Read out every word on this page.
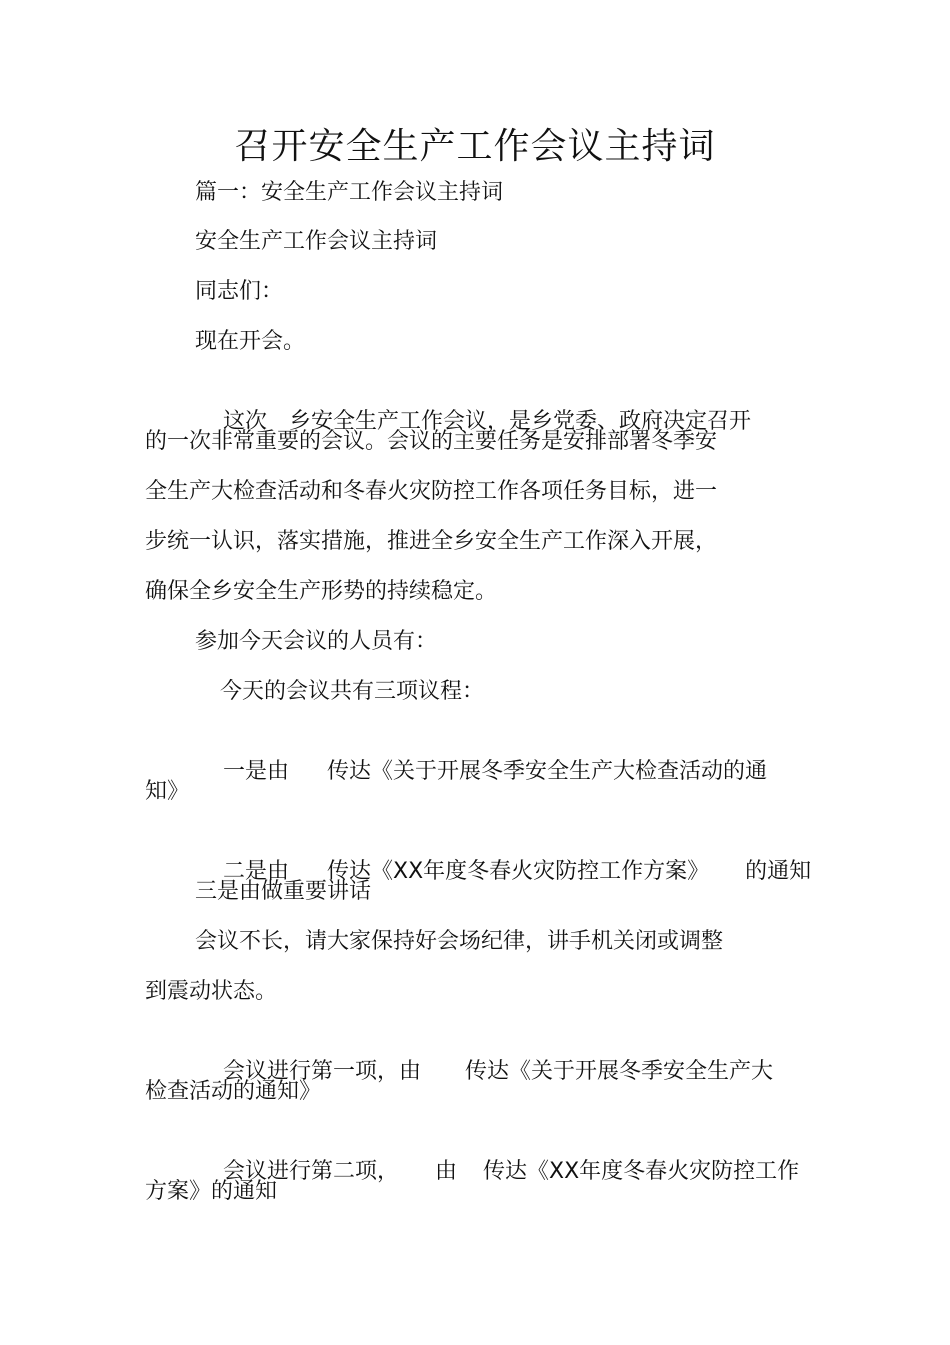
召开安全生产工作会议主持词
篇一：安全生产工作会议主持词
安全生产工作会议主持词
同志们：
现在开会。

这次 乡安全生产工作会议，是乡党委、政府决定召开

的一次非常重要的会议。会议的主要任务是安排部署冬季安
全生产大检查活动和冬春火灾防控工作各项任务目标，进一
步统一认识，落实措施，推进全乡安全生产工作深入开展，
确保全乡安全生产形势的持续稳定。
参加今天会议的人员有：
今天的会议共有三项议程：

一是由 传达《关于开展冬季安全生产大检查活动的通

知》

二是由 传达《XX年度冬春火灾防控工作方案》 的通知

三是由做重要讲话
会议不长，请大家保持好会场纪律，讲手机关闭或调整
到震动状态。

会议进行第一项，由 传达《关于开展冬季安全生产大

检查活动的通知》

会议进行第二项， 由 传达《XX年度冬春火灾防控工作

方案》的通知
